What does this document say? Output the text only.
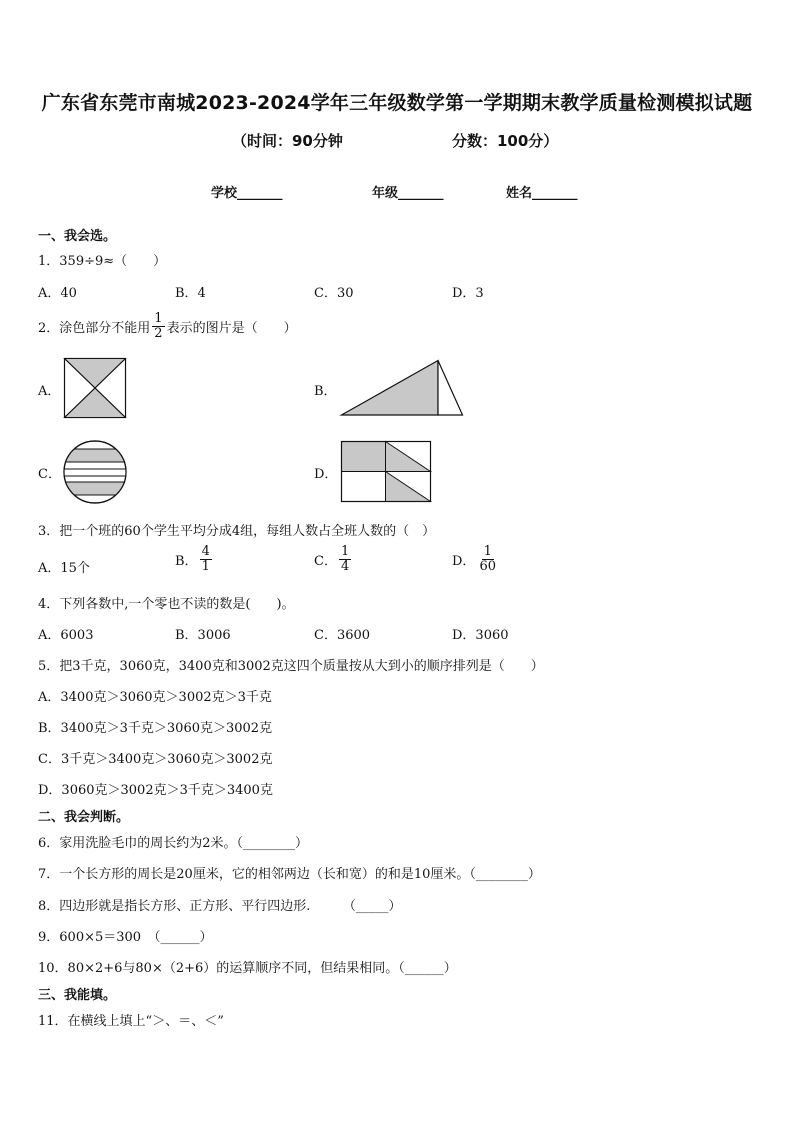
广东省东莞市南城2023-2024学年三年级数学第一学期期末教学质量检测模拟试题
（时间：90分钟	分数：100分）
学校_______	年级_______	姓名_______
一、我会选。
1．359÷9≈（　　）
A．40	B．4	C．30	D．3
2．涂色部分不能用 $\frac{1}{2}$ 表示的图片是（　　）
A．	B．
C．	D．
3．把一个班的60个学生平均分成4组，每组人数占全班人数的（　）
A．15个	B． $\frac{4}{1}$	C． $\frac{1}{4}$	D． $\frac{1}{60}$
4．下列各数中,一个零也不读的数是(　　)。
A．6003	B．3006	C．3600	D．3060
5．把3千克，3060克，3400克和3002克这四个质量按从大到小的顺序排列是（　　）
A．3400克＞3060克＞3002克＞3千克
B．3400克＞3千克＞3060克＞3002克
C．3千克＞3400克＞3060克＞3002克
D．3060克＞3002克＞3千克＞3400克
二、我会判断。
6．家用洗脸毛巾的周长约为2米。（________）
7．一个长方形的周长是20厘米，它的相邻两边（长和宽）的和是10厘米。（________）
8．四边形就是指长方形、正方形、平行四边形.　　　（_____）
9．600×5＝300　（______）
10．80×2+6与80×（2+6）的运算顺序不同，但结果相同。（______）
三、我能填。
11．在横线上填上“＞、＝、＜”
